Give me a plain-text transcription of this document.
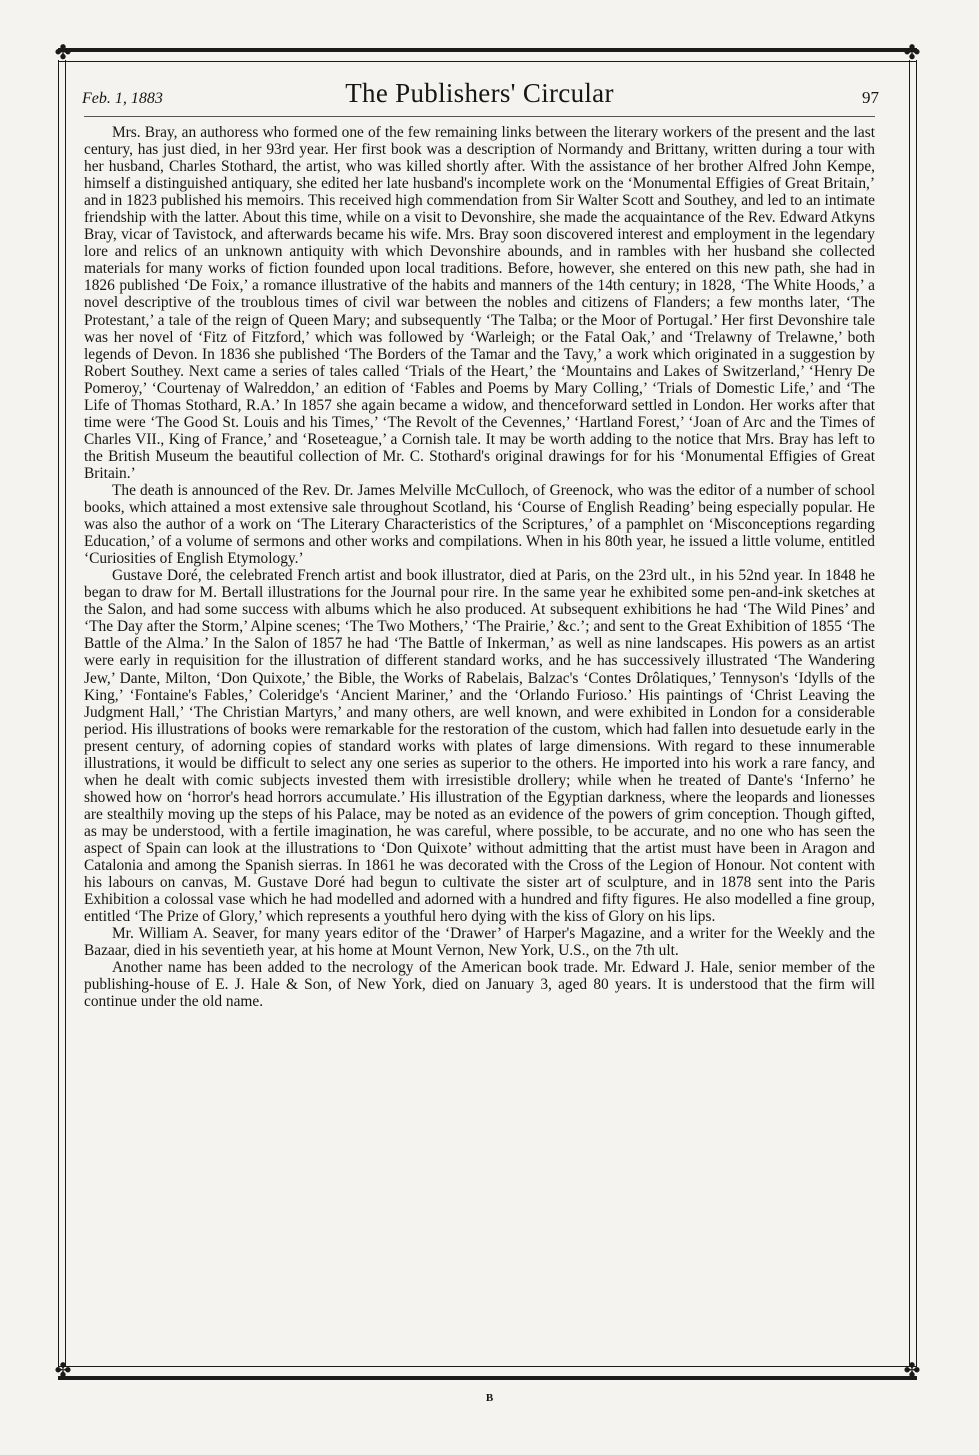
✤	✤
✤	✤
Feb. 1, 1883	The Publishers' Circular	97

Mrs. Bray, an authoress who formed one of the few remaining links between the literary workers of the present and the last century, has just died, in her 93rd year. Her first book was a description of Normandy and Brittany, written during a tour with her husband, Charles Stothard, the artist, who was killed shortly after. With the assistance of her brother Alfred John Kempe, himself a distinguished antiquary, she edited her late husband's incomplete work on the ‘Monumental Effigies of Great Britain,’ and in 1823 published his memoirs. This received high commendation from Sir Walter Scott and Southey, and led to an intimate friendship with the latter. About this time, while on a visit to Devonshire, she made the acquaintance of the Rev. Edward Atkyns Bray, vicar of Tavistock, and afterwards became his wife. Mrs. Bray soon discovered interest and employment in the legendary lore and relics of an unknown antiquity with which Devonshire abounds, and in rambles with her husband she collected materials for many works of fiction founded upon local traditions. Before, however, she entered on this new path, she had in 1826 published ‘De Foix,’ a romance illustrative of the habits and manners of the 14th century; in 1828, ‘The White Hoods,’ a novel descriptive of the troublous times of civil war between the nobles and citizens of Flanders; a few months later, ‘The Protestant,’ a tale of the reign of Queen Mary; and subsequently ‘The Talba; or the Moor of Portugal.’ Her first Devonshire tale was her novel of ‘Fitz of Fitzford,’ which was followed by ‘Warleigh; or the Fatal Oak,’ and ‘Trelawny of Trelawne,’ both legends of Devon. In 1836 she published ‘The Borders of the Tamar and the Tavy,’ a work which originated in a suggestion by Robert Southey. Next came a series of tales called ‘Trials of the Heart,’ the ‘Mountains and Lakes of Switzerland,’ ‘Henry De Pomeroy,’ ‘Courtenay of Walreddon,’ an edition of ‘Fables and Poems by Mary Colling,’ ‘Trials of Domestic Life,’ and ‘The Life of Thomas Stothard, R.A.’ In 1857 she again became a widow, and thenceforward settled in London. Her works after that time were ‘The Good St. Louis and his Times,’ ‘The Revolt of the Cevennes,’ ‘Hartland Forest,’ ‘Joan of Arc and the Times of Charles VII., King of France,’ and ‘Roseteague,’ a Cornish tale. It may be worth adding to the notice that Mrs. Bray has left to the British Museum the beautiful collection of Mr. C. Stothard's original drawings for for his ‘Monumental Effigies of Great Britain.’

The death is announced of the Rev. Dr. James Melville McCulloch, of Greenock, who was the editor of a number of school books, which attained a most extensive sale throughout Scotland, his ‘Course of English Reading’ being especially popular. He was also the author of a work on ‘The Literary Characteristics of the Scriptures,’ of a pamphlet on ‘Misconceptions regarding Education,’ of a volume of sermons and other works and compilations. When in his 80th year, he issued a little volume, entitled ‘Curiosities of English Etymology.’

Gustave Doré, the celebrated French artist and book illustrator, died at Paris, on the 23rd ult., in his 52nd year. In 1848 he began to draw for M. Bertall illustrations for the Journal pour rire. In the same year he exhibited some pen-and-ink sketches at the Salon, and had some success with albums which he also produced. At subsequent exhibitions he had ‘The Wild Pines’ and ‘The Day after the Storm,’ Alpine scenes; ‘The Two Mothers,’ ‘The Prairie,’ &c.’; and sent to the Great Exhibition of 1855 ‘The Battle of the Alma.’ In the Salon of 1857 he had ‘The Battle of Inkerman,’ as well as nine landscapes. His powers as an artist were early in requisition for the illustration of different standard works, and he has successively illustrated ‘The Wandering Jew,’ Dante, Milton, ‘Don Quixote,’ the Bible, the Works of Rabelais, Balzac's ‘Contes Drôlatiques,’ Tennyson's ‘Idylls of the King,’ ‘Fontaine's Fables,’ Coleridge's ‘Ancient Mariner,’ and the ‘Orlando Furioso.’ His paintings of ‘Christ Leaving the Judgment Hall,’ ‘The Christian Martyrs,’ and many others, are well known, and were exhibited in London for a considerable period. His illustrations of books were remarkable for the restoration of the custom, which had fallen into desuetude early in the present century, of adorning copies of standard works with plates of large dimensions. With regard to these innumerable illustrations, it would be difficult to select any one series as superior to the others. He imported into his work a rare fancy, and when he dealt with comic subjects invested them with irresistible drollery; while when he treated of Dante's ‘Inferno’ he showed how on ‘horror's head horrors accumulate.’ His illustration of the Egyptian darkness, where the leopards and lionesses are stealthily moving up the steps of his Palace, may be noted as an evidence of the powers of grim conception. Though gifted, as may be understood, with a fertile imagination, he was careful, where possible, to be accurate, and no one who has seen the aspect of Spain can look at the illustrations to ‘Don Quixote’ without admitting that the artist must have been in Aragon and Catalonia and among the Spanish sierras. In 1861 he was decorated with the Cross of the Legion of Honour. Not content with his labours on canvas, M. Gustave Doré had begun to cultivate the sister art of sculpture, and in 1878 sent into the Paris Exhibition a colossal vase which he had modelled and adorned with a hundred and fifty figures. He also modelled a fine group, entitled ‘The Prize of Glory,’ which represents a youthful hero dying with the kiss of Glory on his lips.

Mr. William A. Seaver, for many years editor of the ‘Drawer’ of Harper's Magazine, and a writer for the Weekly and the Bazaar, died in his seventieth year, at his home at Mount Vernon, New York, U.S., on the 7th ult.

Another name has been added to the necrology of the American book trade. Mr. Edward J. Hale, senior member of the publishing-house of E. J. Hale & Son, of New York, died on January 3, aged 80 years. It is understood that the firm will continue under the old name.

B
